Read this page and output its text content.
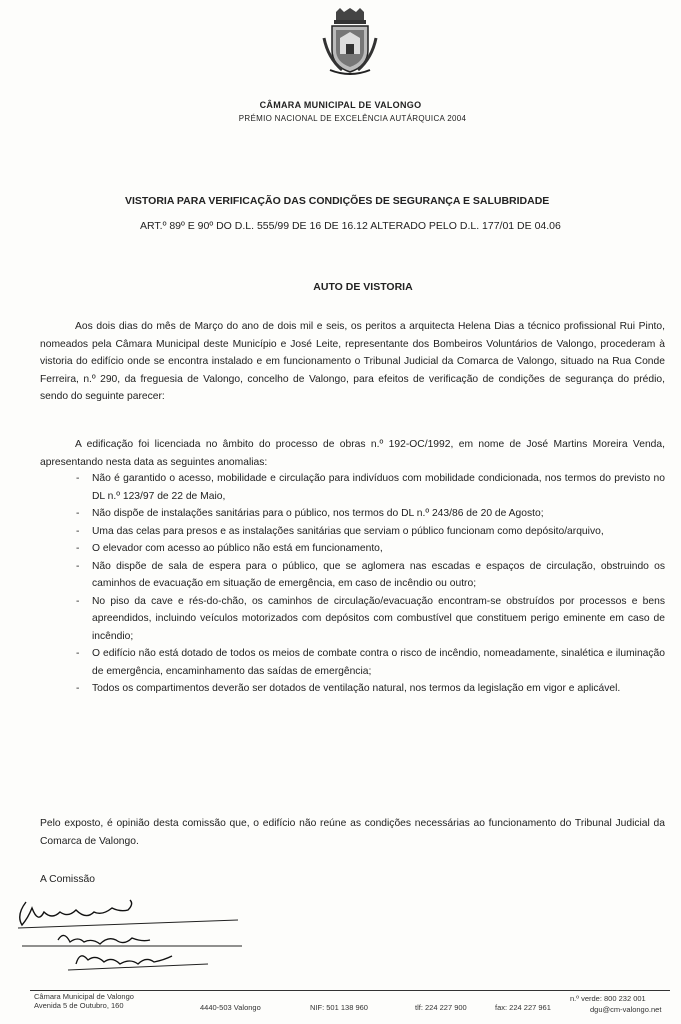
CÂMARA MUNICIPAL DE VALONGO
PRÉMIO NACIONAL DE EXCELÊNCIA AUTÁRQUICA 2004
VISTORIA PARA VERIFICAÇÃO DAS CONDIÇÕES DE SEGURANÇA E SALUBRIDADE
ART.º 89º E 90º DO D.L. 555/99 DE 16 DE 16.12 ALTERADO PELO D.L. 177/01 DE 04.06
AUTO DE VISTORIA
Aos dois dias do mês de Março do ano de dois mil e seis, os peritos a arquitecta Helena Dias a técnico profissional Rui Pinto, nomeados pela Câmara Municipal deste Município e José Leite, representante dos Bombeiros Voluntários de Valongo, procederam à vistoria do edifício onde se encontra instalado e em funcionamento o Tribunal Judicial da Comarca de Valongo, situado na Rua Conde Ferreira, n.º 290, da freguesia de Valongo, concelho de Valongo, para efeitos de verificação de condições de segurança do prédio, sendo do seguinte parecer:
A edificação foi licenciada no âmbito do processo de obras n.º 192-OC/1992, em nome de José Martins Moreira Venda, apresentando nesta data as seguintes anomalias:
- Não é garantido o acesso, mobilidade e circulação para indivíduos com mobilidade condicionada, nos termos do previsto no DL n.º 123/97 de 22 de Maio,
- Não dispõe de instalações sanitárias para o público, nos termos do DL n.º 243/86 de 20 de Agosto;
- Uma das celas para presos e as instalações sanitárias que serviam o público funcionam como depósito/arquivo,
- O elevador com acesso ao público não está em funcionamento,
- Não dispõe de sala de espera para o público, que se aglomera nas escadas e espaços de circulação, obstruindo os caminhos de evacuação em situação de emergência, em caso de incêndio ou outro;
- No piso da cave e rés-do-chão, os caminhos de circulação/evacuação encontram-se obstruídos por processos e bens apreendidos, incluindo veículos motorizados com depósitos com combustível que constituem perigo eminente em caso de incêndio;
- O edifício não está dotado de todos os meios de combate contra o risco de incêndio, nomeadamente, sinalética e iluminação de emergência, encaminhamento das saídas de emergência;
- Todos os compartimentos deverão ser dotados de ventilação natural, nos termos da legislação em vigor e aplicável.
Pelo exposto, é opinião desta comissão que, o edifício não reúne as condições necessárias ao funcionamento do Tribunal Judicial da Comarca de Valongo.
A Comissão
Câmara Municipal de Valongo
Avenida 5 de Outubro, 160	4440-503 Valongo	NIF: 501 138 960	tlf: 224 227 900	fax: 224 227 961
n.º verde: 800 232 001
dgu@cm-valongo.net
